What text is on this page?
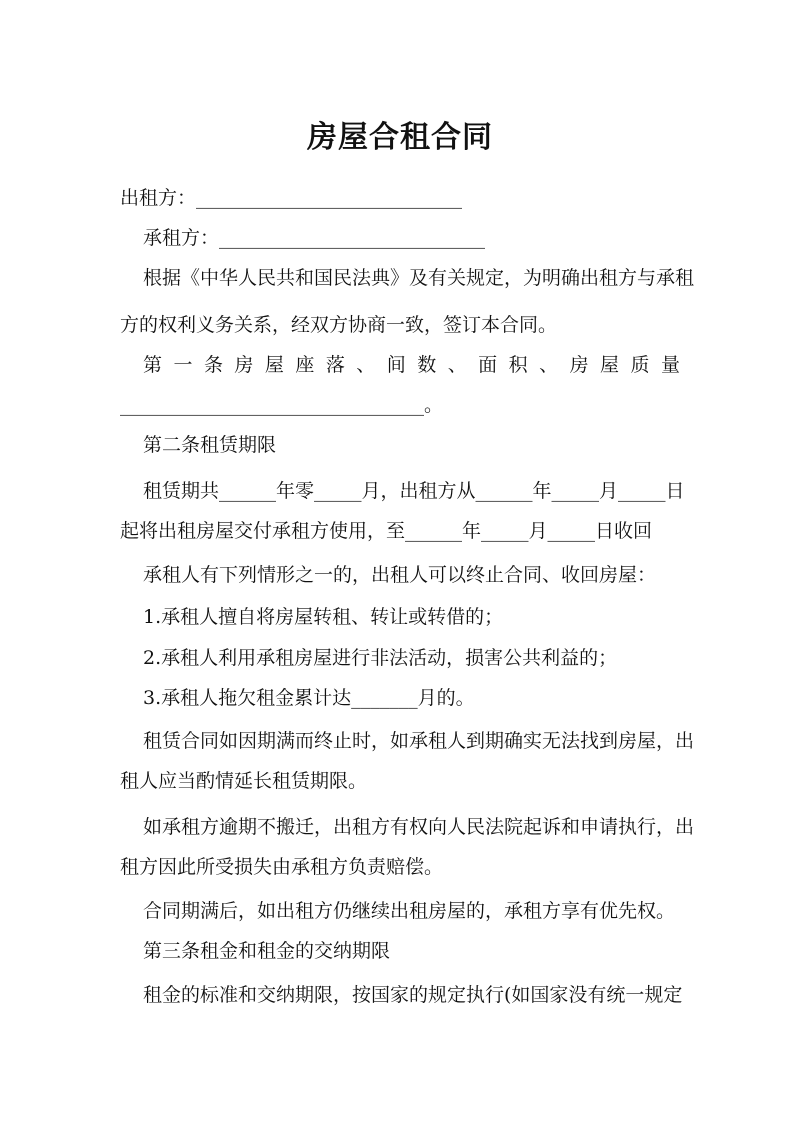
房屋合租合同
出租方：____________________________
承租方：____________________________
根据《中华人民共和国民法典》及有关规定，为明确出租方与承租
方的权利义务关系，经双方协商一致，签订本合同。
第 一 条 房 屋 座 落 、 间 数 、 面 积 、 房 屋 质 量
________________________________。
第二条租赁期限
租赁期共______年零_____月，出租方从______年_____月_____日
起将出租房屋交付承租方使用，至______年_____月_____日收回
承租人有下列情形之一的，出租人可以终止合同、收回房屋：
1.承租人擅自将房屋转租、转让或转借的；
2.承租人利用承租房屋进行非法活动，损害公共利益的；
3.承租人拖欠租金累计达_______月的。
租赁合同如因期满而终止时，如承租人到期确实无法找到房屋，出
租人应当酌情延长租赁期限。
如承租方逾期不搬迁，出租方有权向人民法院起诉和申请执行，出
租方因此所受损失由承租方负责赔偿。
合同期满后，如出租方仍继续出租房屋的，承租方享有优先权。
第三条租金和租金的交纳期限
租金的标准和交纳期限，按国家的规定执行(如国家没有统一规定
